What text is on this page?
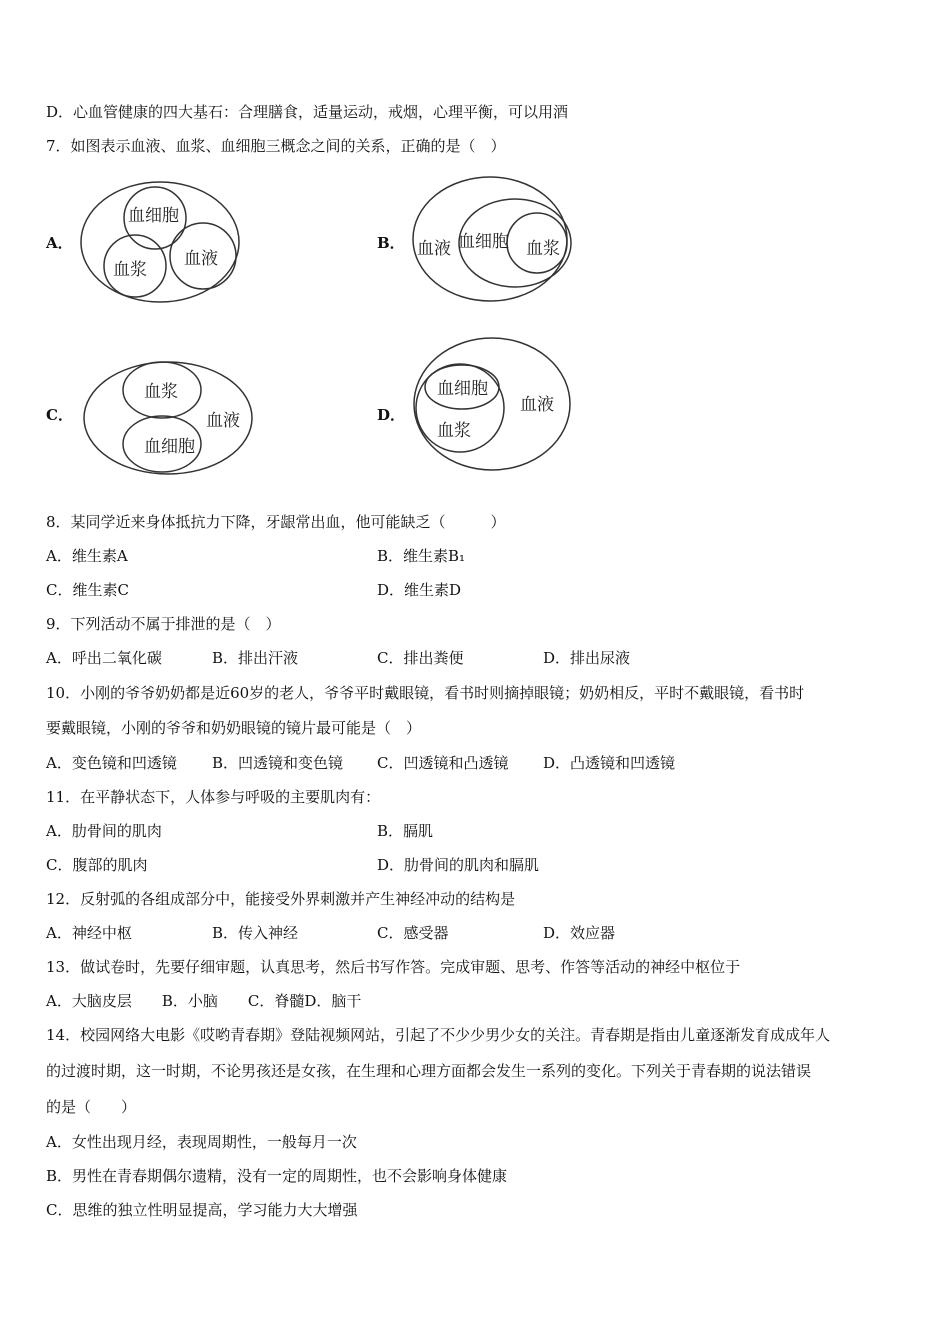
D．心血管健康的四大基石：合理膳食，适量运动，戒烟，心理平衡，可以用酒
7．如图表示血液、血浆、血细胞三概念之间的关系，正确的是（　）
A．
血细胞
血浆
血液
B． 血液 血细胞 血浆
C．
血浆
血液
血细胞
D．
血细胞
血液
血浆
8．某同学近来身体抵抗力下降，牙龈常出血，他可能缺乏（　　　）
A．维生素A	B．维生素B₁
C．维生素C	D．维生素D
9．下列活动不属于排泄的是（　）
A．呼出二氧化碳	B．排出汗液	C．排出粪便	D．排出尿液
10．小刚的爷爷奶奶都是近60岁的老人，爷爷平时戴眼镜，看书时则摘掉眼镜；奶奶相反，平时不戴眼镜，看书时
要戴眼镜，小刚的爷爷和奶奶眼镜的镜片最可能是（　）
A．变色镜和凹透镜 B．凹透镜和变色镜 C．凹透镜和凸透镜 D．凸透镜和凹透镜
11．在平静状态下，人体参与呼吸的主要肌肉有：
A．肋骨间的肌肉	B．膈肌
C．腹部的肌肉	D．肋骨间的肌肉和膈肌
12．反射弧的各组成部分中，能接受外界刺激并产生神经冲动的结构是
A．神经中枢	B．传入神经	C．感受器	D．效应器
13．做试卷时，先要仔细审题，认真思考，然后书写作答。完成审题、思考、作答等活动的神经中枢位于
A．大脑皮层　　B．小脑　　C．脊髓D．脑干
14．校园网络大电影《哎哟青春期》登陆视频网站，引起了不少少男少女的关注。青春期是指由儿童逐渐发育成成年人
的过渡时期，这一时期，不论男孩还是女孩，在生理和心理方面都会发生一系列的变化。下列关于青春期的说法错误
的是（　　）
A．女性出现月经，表现周期性，一般每月一次
B．男性在青春期偶尔遗精，没有一定的周期性，也不会影响身体健康
C．思维的独立性明显提高，学习能力大大增强
